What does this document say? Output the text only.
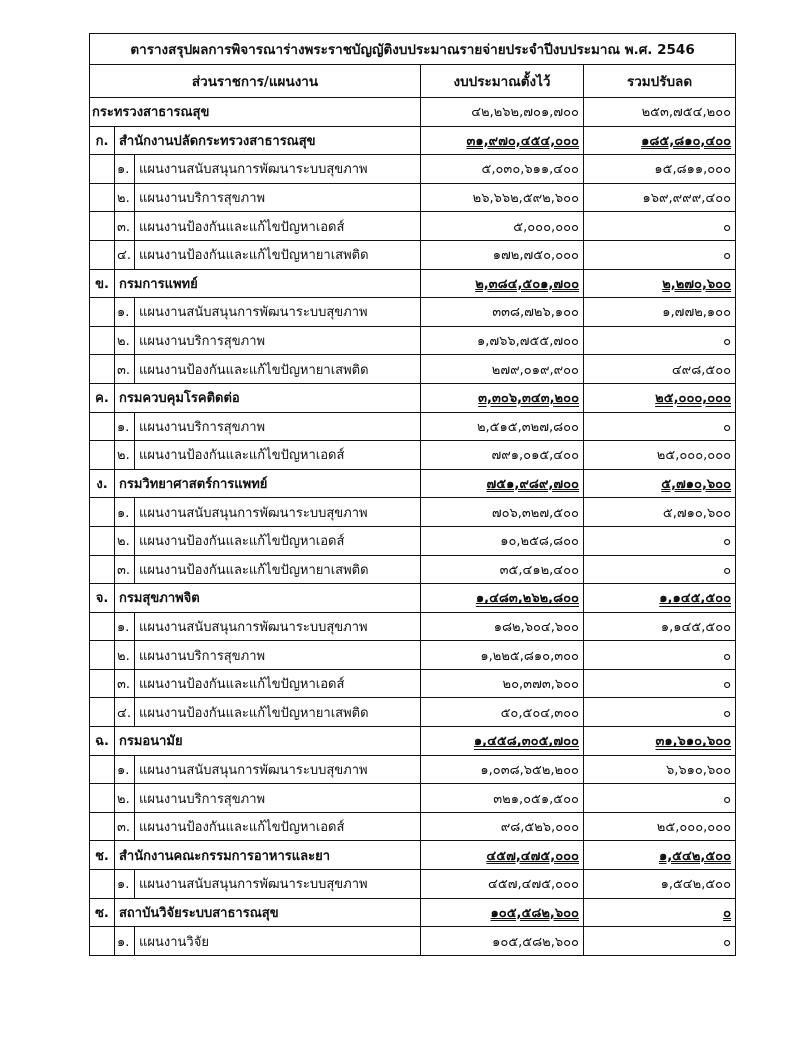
ตารางสรุปผลการพิจารณาร่างพระราชบัญญัติงบประมาณรายจ่ายประจำปีงบประมาณ พ.ศ. 2546				
ส่วนราชการ/แผนงาน			งบประมาณตั้งไว้	รวมปรับลด
กระทรวงสาธารณสุข			๔๒,๒๖๒,๗๐๑,๗๐๐	๒๕๓,๗๕๔,๒๐๐
ก.	สำนักงานปลัดกระทรวงสาธารณสุข		๓๑,๙๗๐,๔๕๔,๐๐๐	๑๘๕,๘๑๐,๔๐๐
	๑.	แผนงานสนับสนุนการพัฒนาระบบสุขภาพ	๕,๐๓๐,๖๑๑,๔๐๐	๑๕,๘๑๑,๐๐๐
	๒.	แผนงานบริการสุขภาพ	๒๖,๖๖๒,๕๙๒,๖๐๐	๑๖๙,๙๙๙,๔๐๐
	๓.	แผนงานป้องกันและแก้ไขปัญหาเอดส์	๕,๐๐๐,๐๐๐	๐
	๔.	แผนงานป้องกันและแก้ไขปัญหายาเสพติด	๑๗๒,๗๕๐,๐๐๐	๐
ข.	กรมการแพทย์		๒,๓๘๔,๕๐๑,๗๐๐	๒,๒๗๐,๖๐๐
	๑.	แผนงานสนับสนุนการพัฒนาระบบสุขภาพ	๓๓๘,๗๒๖,๑๐๐	๑,๗๗๒,๑๐๐
	๒.	แผนงานบริการสุขภาพ	๑,๗๖๖,๗๕๕,๗๐๐	๐
	๓.	แผนงานป้องกันและแก้ไขปัญหายาเสพติด	๒๗๙,๐๑๙,๙๐๐	๔๙๘,๕๐๐
ค.	กรมควบคุมโรคติดต่อ		๓,๓๐๖,๓๔๓,๒๐๐	๒๕,๐๐๐,๐๐๐
	๑.	แผนงานบริการสุขภาพ	๒,๕๑๕,๓๒๗,๘๐๐	๐
	๒.	แผนงานป้องกันและแก้ไขปัญหาเอดส์	๗๙๑,๐๑๕,๔๐๐	๒๕,๐๐๐,๐๐๐
ง.	กรมวิทยาศาสตร์การแพทย์		๗๕๑,๙๘๙,๗๐๐	๕,๗๑๐,๖๐๐
	๑.	แผนงานสนับสนุนการพัฒนาระบบสุขภาพ	๗๐๖,๓๒๗,๕๐๐	๕,๗๑๐,๖๐๐
	๒.	แผนงานป้องกันและแก้ไขปัญหาเอดส์	๑๐,๒๕๘,๘๐๐	๐
	๓.	แผนงานป้องกันและแก้ไขปัญหายาเสพติด	๓๕,๔๑๒,๔๐๐	๐
จ.	กรมสุขภาพจิต		๑,๔๘๓,๒๖๒,๘๐๐	๑,๑๔๕,๕๐๐
	๑.	แผนงานสนับสนุนการพัฒนาระบบสุขภาพ	๑๘๒,๖๐๔,๖๐๐	๑,๑๔๕,๕๐๐
	๒.	แผนงานบริการสุขภาพ	๑,๒๒๕,๘๑๐,๓๐๐	๐
	๓.	แผนงานป้องกันและแก้ไขปัญหาเอดส์	๒๐,๓๗๓,๖๐๐	๐
	๔.	แผนงานป้องกันและแก้ไขปัญหายาเสพติด	๕๐,๕๐๔,๓๐๐	๐
ฉ.	กรมอนามัย		๑,๔๕๘,๓๐๕,๗๐๐	๓๑,๖๑๐,๖๐๐
	๑.	แผนงานสนับสนุนการพัฒนาระบบสุขภาพ	๑,๐๓๘,๖๕๒,๒๐๐	๖,๖๑๐,๖๐๐
	๒.	แผนงานบริการสุขภาพ	๓๒๑,๐๕๑,๕๐๐	๐
	๓.	แผนงานป้องกันและแก้ไขปัญหาเอดส์	๙๘,๕๒๖,๐๐๐	๒๕,๐๐๐,๐๐๐
ช.	สำนักงานคณะกรรมการอาหารและยา		๔๕๗,๔๗๕,๐๐๐	๑,๕๔๒,๕๐๐
	๑.	แผนงานสนับสนุนการพัฒนาระบบสุขภาพ	๔๕๗,๔๗๕,๐๐๐	๑,๕๔๒,๕๐๐
ซ.	สถาบันวิจัยระบบสาธารณสุข		๑๐๕,๕๘๒,๖๐๐	๐
	๑.	แผนงานวิจัย	๑๐๕,๕๘๒,๖๐๐	๐
